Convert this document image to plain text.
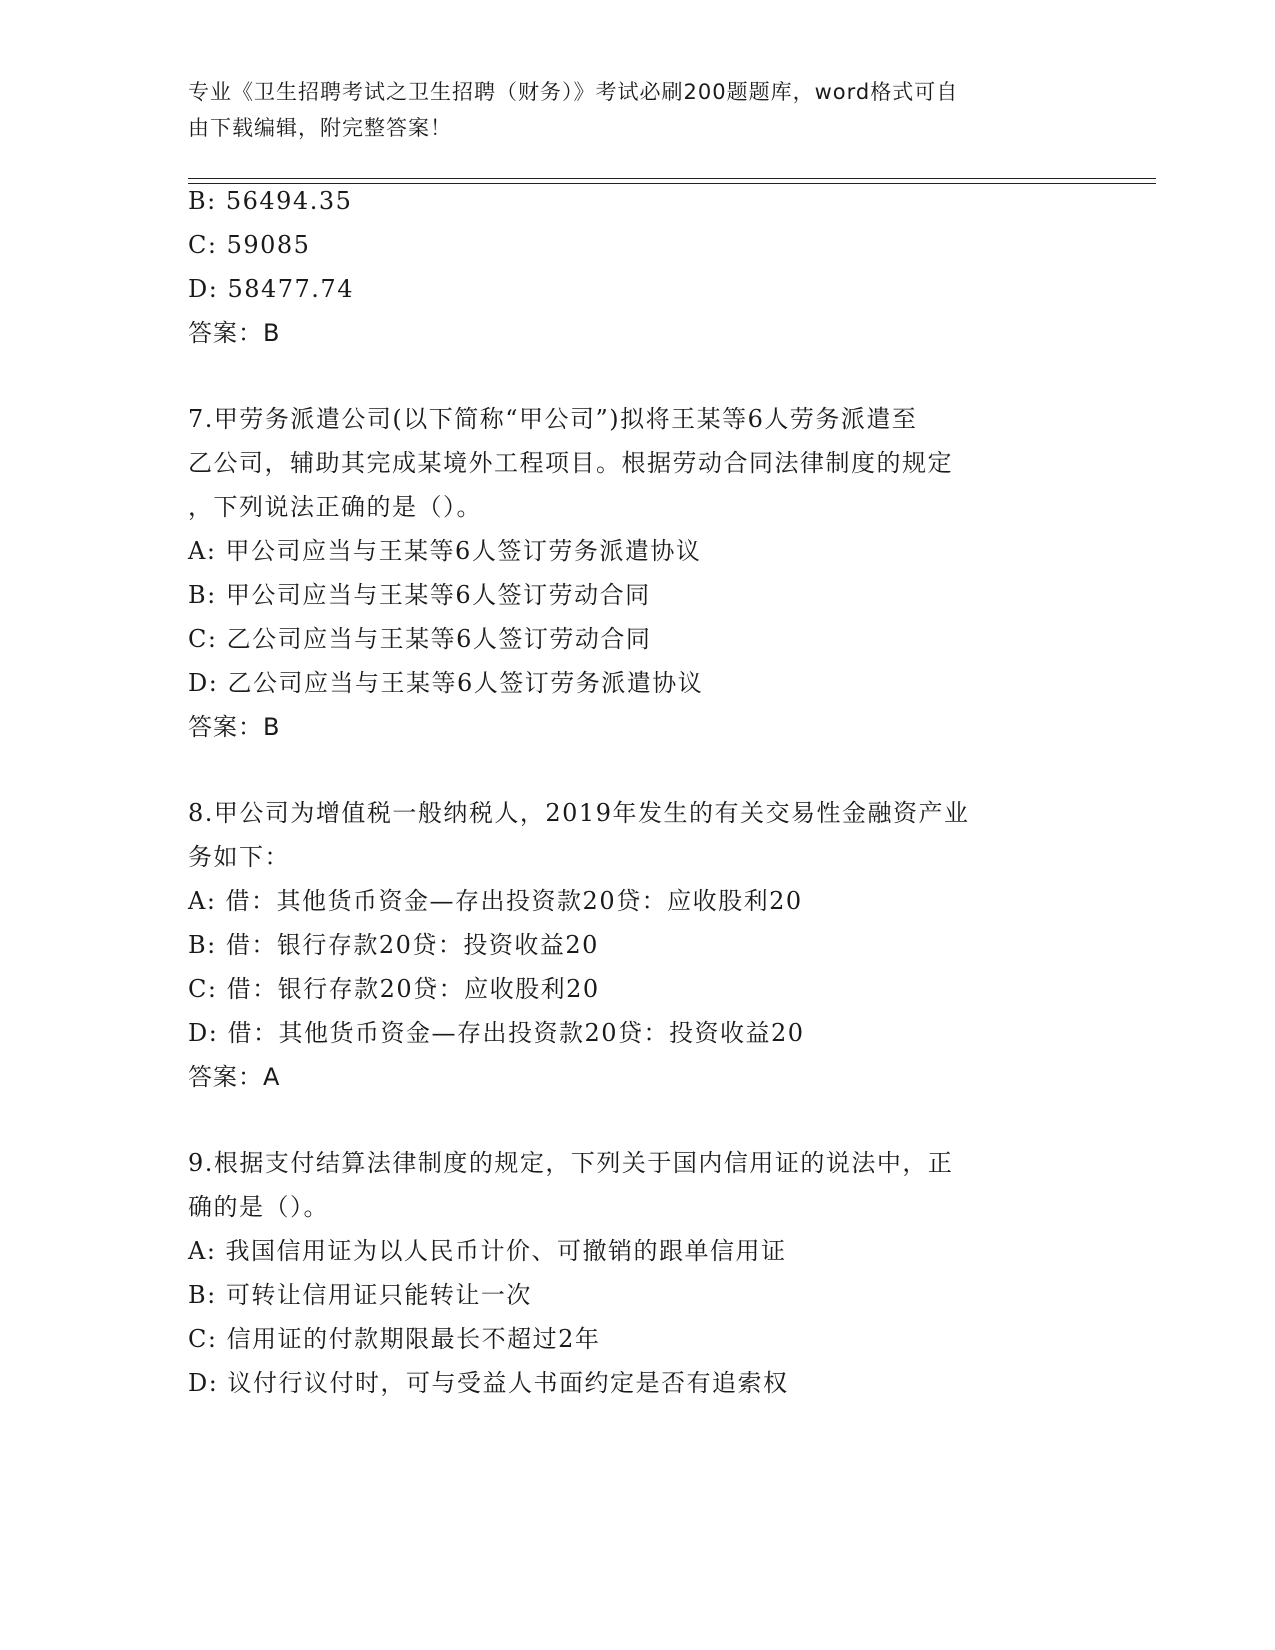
专业《卫生招聘考试之卫生招聘（财务）》考试必刷200题题库，word格式可自
由下载编辑，附完整答案！
B: 56494.35
C: 59085
D: 58477.74
答案：B
7.甲劳务派遣公司(以下简称“甲公司”)拟将王某等6人劳务派遣至
乙公司，辅助其完成某境外工程项目。根据劳动合同法律制度的规定
，下列说法正确的是（）。
A: 甲公司应当与王某等6人签订劳务派遣协议
B: 甲公司应当与王某等6人签订劳动合同
C: 乙公司应当与王某等6人签订劳动合同
D: 乙公司应当与王某等6人签订劳务派遣协议
答案：B
8.甲公司为增值税一般纳税人，2019年发生的有关交易性金融资产业
务如下：
A: 借：其他货币资金—存出投资款20贷：应收股利20
B: 借：银行存款20贷：投资收益20
C: 借：银行存款20贷：应收股利20
D: 借：其他货币资金—存出投资款20贷：投资收益20
答案：A
9.根据支付结算法律制度的规定，下列关于国内信用证的说法中，正
确的是（）。
A: 我国信用证为以人民币计价、可撤销的跟单信用证
B: 可转让信用证只能转让一次
C: 信用证的付款期限最长不超过2年
D: 议付行议付时，可与受益人书面约定是否有追索权
